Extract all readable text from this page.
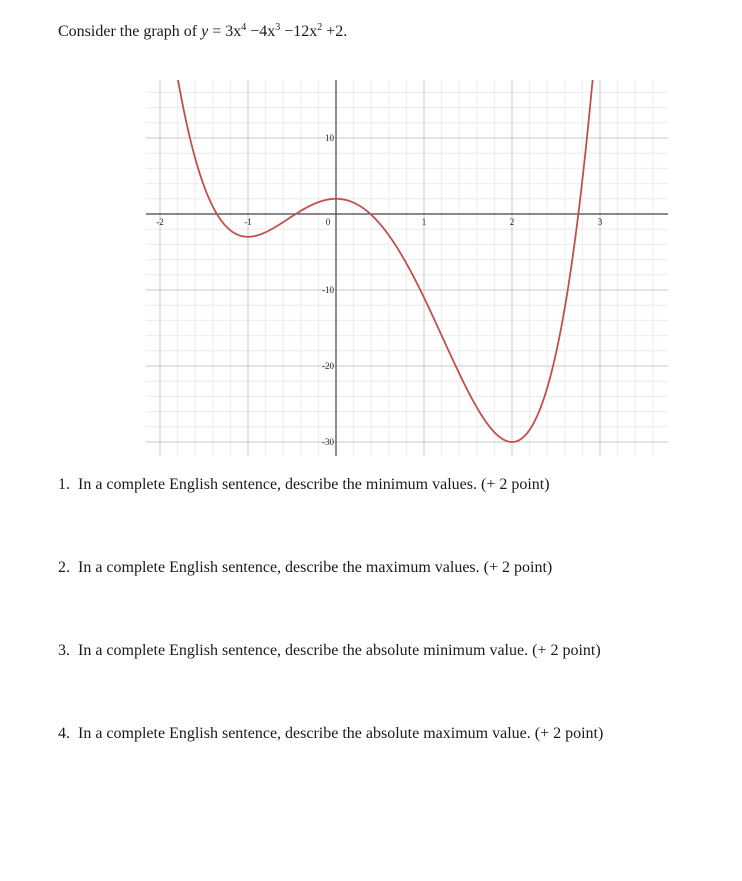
Consider the graph of $y = 3x^4 -4x^3 -12x^2 +2$.
-2	-1	0	1	2	3
10
-10
-20
-30
1. In a complete English sentence, describe the minimum values. (+ 2 point)
2. In a complete English sentence, describe the maximum values. (+ 2 point)
3. In a complete English sentence, describe the absolute minimum value. (+ 2 point)
4. In a complete English sentence, describe the absolute maximum value. (+ 2 point)
